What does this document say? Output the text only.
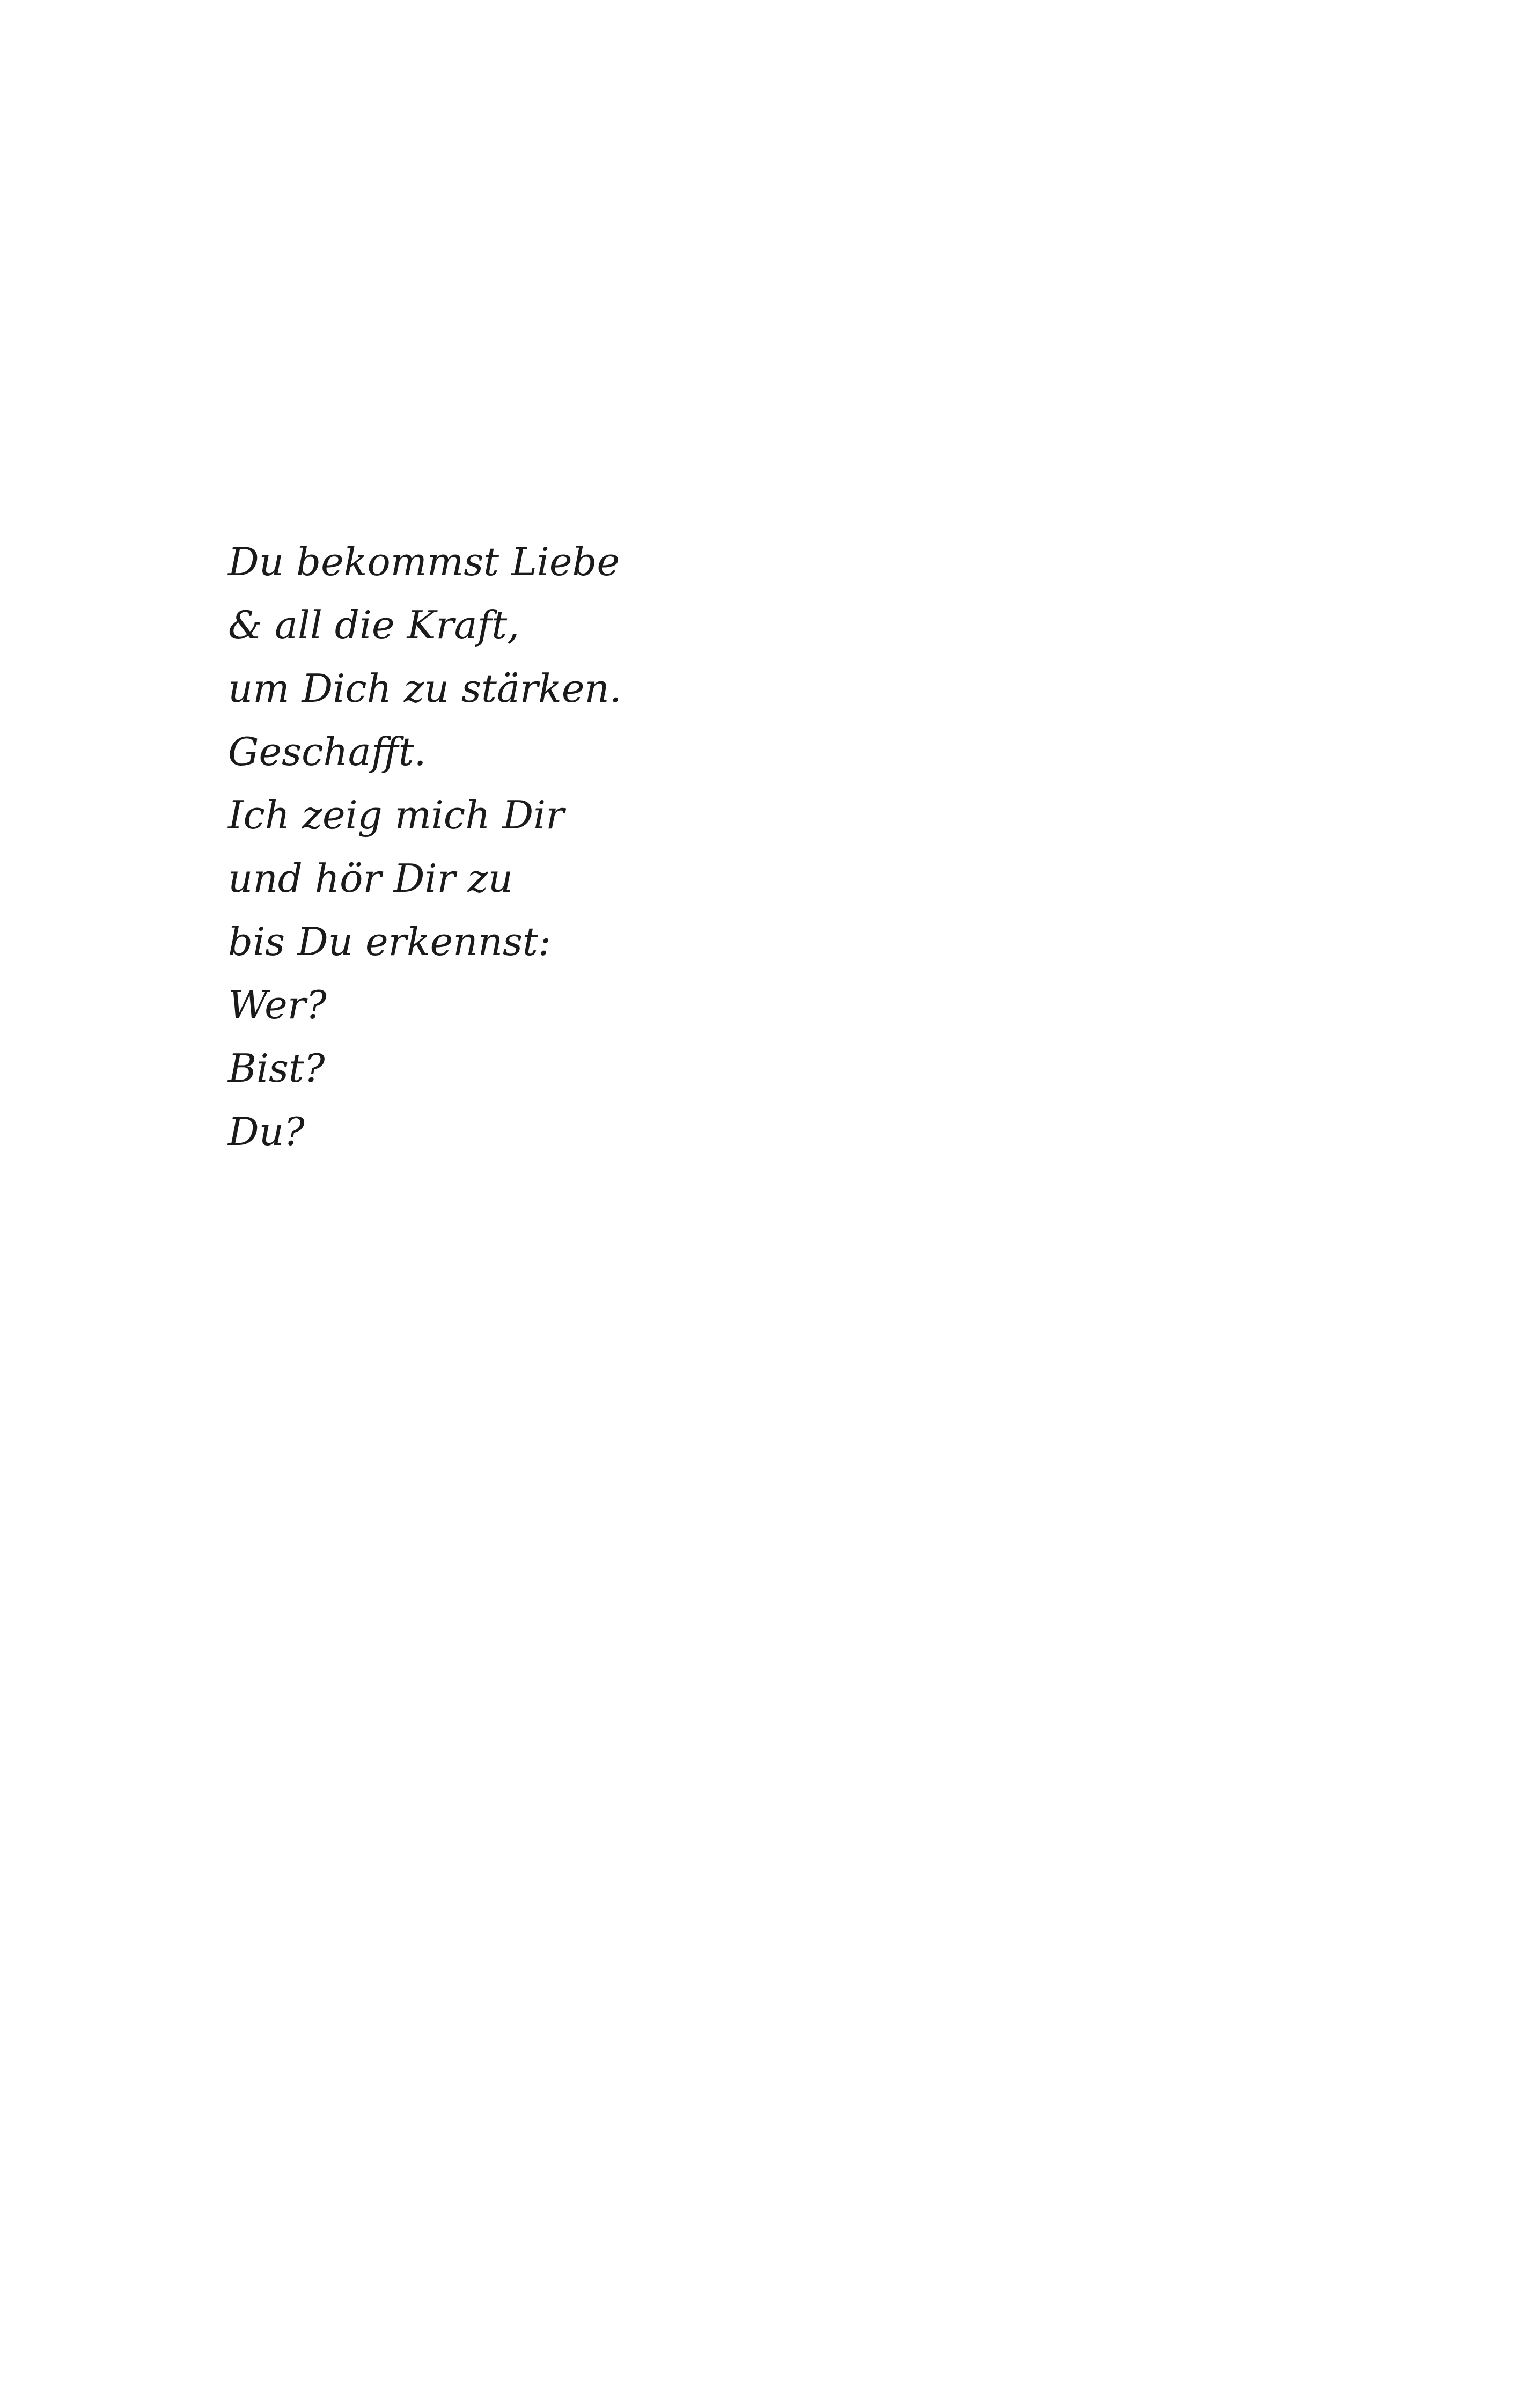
Du bekommst Liebe
& all die Kraft,
um Dich zu stärken.
Geschafft.
Ich zeig mich Dir
und hör Dir zu
bis Du erkennst:
Wer?
Bist?
Du?
